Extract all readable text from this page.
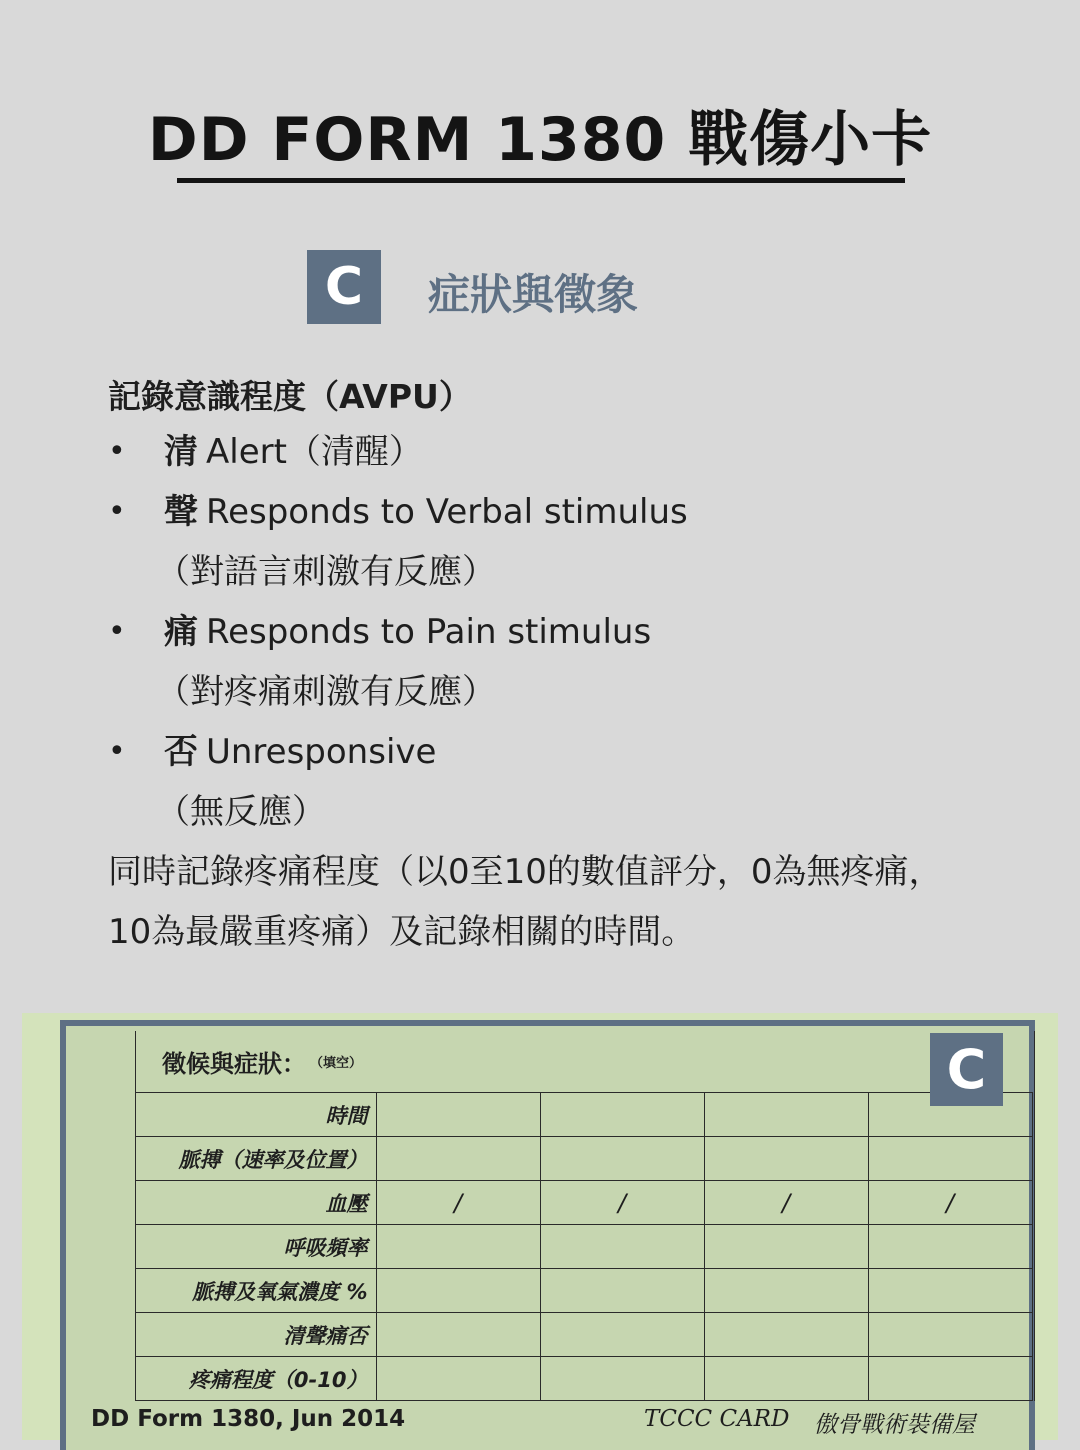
DD FORM 1380 戰傷小卡
C	症狀與徵象
記錄意識程度（AVPU）
• 清 Alert（清醒）
• 聲 Responds to Verbal stimulus
（對語言刺激有反應）
• 痛 Responds to Pain stimulus
（對疼痛刺激有反應）
• 否 Unresponsive
（無反應）
同時記錄疼痛程度（以0至10的數值評分，0為無疼痛，10為最嚴重疼痛）及記錄相關的時間。
徵候與症狀： （填空）
時間				
脈搏（速率及位置）				
血壓	/	/	/	/
呼吸頻率				
脈搏及氧氣濃度 %				
清聲痛否				
疼痛程度（0-10）				
C
DD Form 1380, Jun 2014	TCCC CARD 傲骨戰術裝備屋
